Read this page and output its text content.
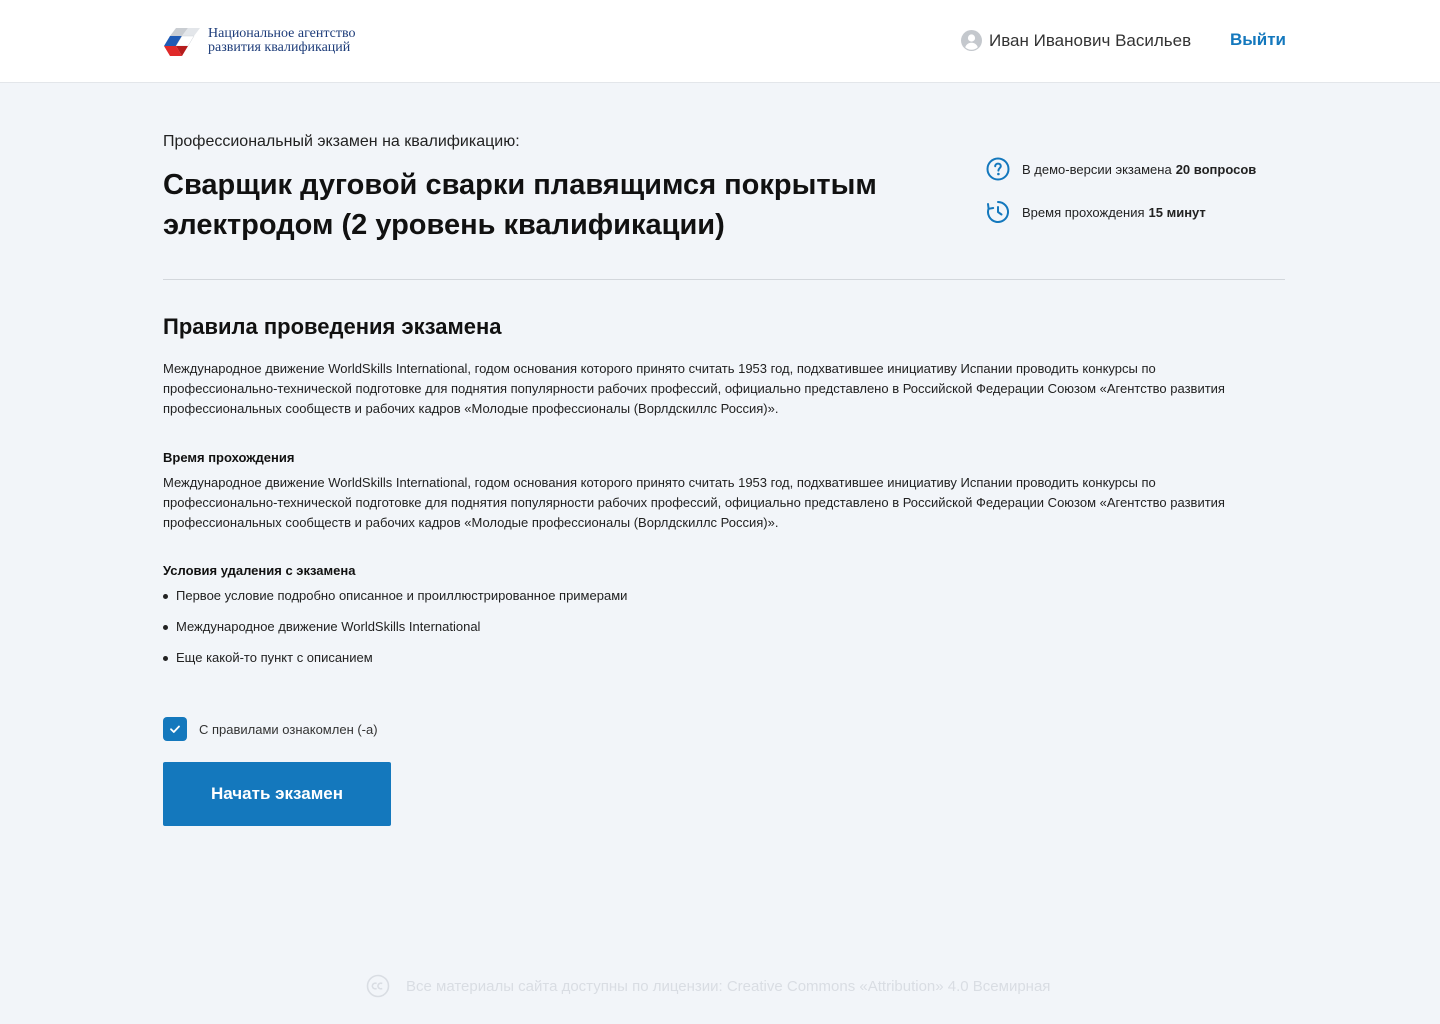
Национальное агентство
развития квалификаций	Иван Иванович Васильев Выйти
Профессиональный экзамен на квалификацию:
Сварщик дуговой сварки плавящимся покрытым электродом (2 уровень квалификации)
В демо-версии экзамена 20 вопросов
Время прохождения 15 минут
Правила проведения экзамена

Международное движение WorldSkills International, годом основания которого принято считать 1953 год, подхватившее инициативу Испании проводить конкурсы по профессионально-технической подготовке для поднятия популярности рабочих профессий, официально представлено в Российской Федерации Союзом «Агентство развития профессиональных сообществ и рабочих кадров «Молодые профессионалы (Ворлдскиллс Россия)».

Время прохождения

Международное движение WorldSkills International, годом основания которого принято считать 1953 год, подхватившее инициативу Испании проводить конкурсы по профессионально-технической подготовке для поднятия популярности рабочих профессий, официально представлено в Российской Федерации Союзом «Агентство развития профессиональных сообществ и рабочих кадров «Молодые профессионалы (Ворлдскиллс Россия)».

Условия удаления с экзамена
Первое условие подробно описанное и проиллюстрированное примерами
Международное движение WorldSkills International
Еще какой-то пункт с описанием
С правилами ознакомлен (-а)
Начать экзамен
Все материалы сайта доступны по лицензии: Creative Commons «Attribution» 4.0 Всемирная
